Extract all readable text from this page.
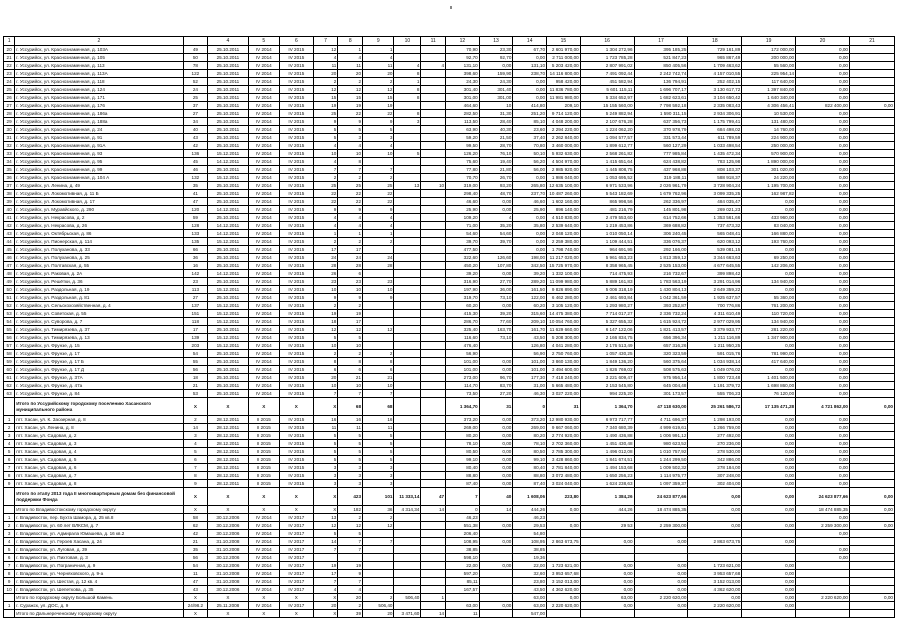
1	2		4	5	6	7	8	9	10	11	12	13	14	15	16	17	18	19	20	21
20	г. Уссурийск, ул. Краснознаменная, д. 103А	49	25.10.2011	IV 2014	IV 2015	12	1	1			70,90	23,30	67,70	2 601 970,00	1 304 272,96	395 185,25	729 161,89	172 000,00	0,00	
21	г. Уссурийск, ул. Краснознаменная, д. 105	50	25.10.2011	IV 2014	IV 2015	4	4	4			92,70	92,70	0,00	2 711 000,00	1 723 785,28	521 847,23	965 867,49	200 000,00	0,00	
22	г. Уссурийск, ул. Краснознаменная, д. 113	78	25.10.2011	IV 2014	IV 2015	11	11	11	4	4	131,10	0,00	131,10	5 203 420,00	2 807 991,02	850 405,56	1 709 463,62	55 560,00	0,00	
23	г. Уссурийск, ул. Краснознаменная, д. 113А	122	25.10.2011	IV 2014	IV 2015	20	20	20	8		398,60	159,90	238,70	14 116 800,00	7 491 092,44	2 242 742,74	4 157 010,55	225 954,14	0,00	
24	г. Уссурийск, ул. Краснознаменная, д. 118	52	25.10.2011	IV 2014	IV 2015	2	2	2	1		24,30	24,30	0,00	958 420,00	451 582,94	136 794,91	252 402,15	117 640,00	0,00	
25	г. Уссурийск, ул. Краснознаменная, д. 124	24	25.10.2011	IV 2014	IV 2015	12	12	12	8		301,40	301,40	0,00	11 836 780,00	5 601 115,11	1 696 707,17	3 130 617,72	1 397 840,00	0,00	
26	г. Уссурийск, ул. Краснознаменная, д. 171	25	25.10.2011	IV 2014	IV 2015	15	15	15	8		301,00	301,00	0,00	11 981 980,00	5 334 652,97	1 682 623,61	3 104 650,42	1 640 340,00	0,00	
27	г. Уссурийск, ул. Краснознаменная, д. 176	37	25.10.2011	IV 2014	IV 2015	19	19	19			464,60	10	414,80	209,10	15 155 560,00	7 798 592,18	2 335 083,43	4 306 456,41	822 400,00	0,00
28	г. Уссурийск, ул. Краснознаменная, д. 186а	27	25.10.2011	IV 2014	IV 2015	25	22	22	8		282,50	31,30	251,20	9 714 120,00	5 249 882,94	1 590 311,15	2 934 306,91	10 530,00	0,00	
29	г. Уссурийск, ул. Краснознаменная, д. 188а	34	25.10.2011	IV 2014	IV 2015	9	9	9	3		113,50	28,40	85,10	4 048 200,00	2 107 676,28	637 356,73	1 175 799,41	131 480,00	0,00	
30	г. Уссурийск, ул. Краснознаменная, д. 24	40	25.10.2011	IV 2014	IV 2015	5	5	5			63,90	40,30	23,60	2 294 220,00	1 224 062,20	370 978,79	684 498,02	14 760,00	0,00	
31	г. Уссурийск, ул. Краснознаменная, д. 91	43	25.10.2011	IV 2014	IV 2015	5	3	3			59,20	21,50	37,40	2 262 840,00	1 094 577,57	331 573,44	611 789,59	224 900,00	0,00	
32	г. Уссурийск, ул. Краснознаменная, д. 91А	42	25.10.2011	IV 2014	IV 2015	4	4	4			99,50	28,70	70,80	3 460 000,00	1 899 612,77	560 127,29	1 033 498,54	250 000,00	0,00	
33	г. Уссурийск, ул. Краснознаменная, д. 93	136	15.12.2011	IV 2014	IV 2015	10	10	10	5		126,20	76,10	50,10	5 932 630,00	2 568 261,82	777 985,84	1 435 472,34	570 900,00	0,00	
34	г. Уссурийск, ул. Краснознаменная, д. 95	45	14.12.2011	IV 2014	IV 2015	4	8				75,60	19,40	56,20	4 504 970,00	1 415 651,64	624 438,82	783 125,98	1 890 000,00	0,00	
35	г. Уссурийск, ул. Краснознаменная, д. 99	46	25.10.2011	IV 2014	IV 2015	7	7	7			77,80	21,80	56,00	2 985 920,00	1 445 808,75	437 968,88	808 103,37	301 020,00	0,00	
36	г. Уссурийск, ул. Краснознаменная, д. 104 А	132	15.12.2011	IV 2014	IV 2015	2	2	2			70,70	26,70	0,00	1 986 040,00	1 053 695,52	319 188,11	588 918,37	24 220,00	0,00	
37	г. Уссурийск, ул. Ленина, д. 49	35	25.10.2011	IV 2014	IV 2015	25	25	25	13	10	319,00	93,20	265,80	12 635 100,00	6 971 533,96	2 026 961,79	3 728 904,24	1 195 700,00	0,00	
38	г. Уссурийск, ул. Локомотивная, д. 11 Б	41	25.10.2011	IV 2014	IV 2015	22	22	22			298,40	48,70	237,70	10 487 260,00	5 543 182,69	1 679 762,96	3 099 335,25	162 987,82	0,00	
39	г. Уссурийск, ул. Локомотивная, д. 17	47	25.10.2011	IV 2014	IV 2015	22	22	22			46,60	0,00	46,60	1 602 160,00	865 998,56	262 336,97	484 035,47	0,00	0,00	
40	г. Уссурийск, ул. Муравйского, д. 290	120	14.12.2011	IV 2014	IV 2015	9	9	9			25,90	0,00	25,90	896 140,00	481 216,79	145 801,98	269 021,23	0,00	0,00	
41	г. Уссурийск, ул. Некрасова, д. 2	59	25.10.2011	IV 2014	IV 2015	4	4	4			109,20	4	0,00	4 510 830,00	2 479 553,60	614 752,66	1 353 561,66	433 960,00	0,00	
42	г. Уссурийск, ул. Некрасова, д. 26	128	14.12.2011	IV 2014	IV 2015	4	4	4			71,00	35,20	35,80	2 539 640,00	1 219 453,86	369 688,82	737 473,32	83 040,00	0,00	
43	г. Уссурийск, ул. Октябрьская, д. 86	133	14.12.2011	IV 2014	IV 2015	1	1	1			54,60	54,60	0,00	2 048 120,00	1 010 050,14	306 240,45	565 048,41	166 880,00	0,00	
44	г. Уссурийск, ул. Пионерская, д. 114	135	15.12.2011	IV 2014	IV 2015	2	2	2			39,70	39,70	0,00	2 259 380,00	1 109 444,51	336 076,37	620 093,12	193 760,00	0,00	
45	г. Уссурийск, ул. Полуханова, д. 33	66	25.10.2011	IV 2014	IV 2015	17	17				477,50		0,00	1 798 740,00	964 691,95	292 166,00	539 081,15	0,00	0,00	
46	г. Уссурийск, ул. Полуханова, д. 25	36	25.10.2011	IV 2014	IV 2015	24	24	24			322,60	126,60	198,00	11 217 020,00	5 961 653,23	1 813 359,12	3 344 663,63	69 250,00	0,00	
47	г. Уссурийск, ул. Полтавская, д. 55	16	25.10.2011	IV 2014	IV 2015	28	28	28			450,20	107,80	342,50	15 725 970,00	8 358 965,45	2 525 153,00	4 677 645,55	142 206,00	0,00	
48	г. Уссурийск, ул. Раковая, д. 2А	142	14.12.2011	IV 2014	IV 2015	26	6				39,20	0,00	39,20	1 332 100,00	714 475,93	216 732,67	399 898,42	0,00	0,00	
49	г. Уссурийск, ул. Решётки, д. 36	23	25.10.2011	IV 2014	IV 2015	23	23	23			316,90	27,70	289,20	11 099 980,00	5 889 161,83	1 783 563,19	3 291 014,96	134 940,00	0,00	
50	г. Уссурийск, ул. Раздольная, д. 19	113	15.12.2011	IV 2014	IV 2015	10	10	10			197,90	36,00	161,50	9 826 890,00	5 006 318,19	1 430 804,13	2 649 359,22	0,00	0,00	
51	г. Уссурийск, ул. Раздольная, д. 81	27	25.10.2011	IV 2014	IV 2015	9	9	9			319,70	73,10	122,00	6 462 280,00	2 461 693,84	1 042 361,59	1 925 637,57	55 360,00	0,00	
52	г. Уссурийск, ул. Сельскохозяйственная, д. 4	137	15.12.2011	IV 2014	IV 2015	2	2				60,20	0,00	60,20	3 105 120,00	1 293 980,27	393 252,87	700 776,86	761 200,00	0,00	
53	г. Уссурийск, ул. Советская, д. 55	151	15.12.2011	IV 2014	IV 2015	19	19				415,30	39,20	315,60	14 475 380,00	7 714 017,27	2 336 732,24	4 311 610,49	110 720,00	0,00	
54	г. Уссурийск, ул. Суворова, д. 7	118	15.12.2011	IV 2014	IV 2015	18	17				286,70	77,60	209,10	10 054 760,00	5 327 655,32	1 615 924,72	2 977 029,95	134 940,00	0,00	
55	г. Уссурийск, ул. Тимирязева, д. 37	17	25.10.2011	IV 2014	IV 2015	12	12	12			325,40	163,70	161,70	11 629 660,00	6 147 122,06	1 821 413,57	3 379 933,77	281 220,00	0,00	
56	г. Уссурийск, ул. Тимирязева, д. 13	139	15.12.2011	IV 2014	IV 2015	5	5				116,60	73,10	43,50	5 208 300,00	2 166 834,75	656 396,34	1 211 116,89	1 347 900,00	0,00	
57	г. Уссурийск, ул. Фрунзе, д. 15	203	15.12.2011	IV 2014	IV 2015	10	10				476,40		126,80	4 041 280,00	2 176 513,49	657 316,26	1 211 950,25	0,00	0,00	
58	г. Уссурийск, ул. Фрунзе, д. 17	54	25.10.2011	IV 2014	IV 2015	2	2	2			56,90		56,90	2 750 760,00	1 057 430,25	320 323,59	591 015,76	781 990,00	0,00	
59	г. Уссурийск, ул. Фрунзе, д. 17 Б	55	25.10.2011	IV 2014	IV 2015	8	8	8			101,00	0,00	101,00	3 860 130,00	1 849 136,20	560 375,64	1 034 938,14	417 640,00	0,00	
60	г. Уссурийск, ул. Фрунзе, д. 17 Д	56	25.10.2011	IV 2014	IV 2015	6	6	6			101,00	0,00	101,00	3 494 600,00	1 826 769,02	508 575,63	1 049 076,02	0,00	0,00	
61	г. Уссурийск, ул. Фрунзе, д. 37А	18	25.10.2011	IV 2014	IV 2015	20	21	21			273,00	96,70	177,30	7 418 240,00	3 221 609,47	975 956,14	1 800 723,48	1 401 500,00	0,00	
62	г. Уссурийск, ул. Фрунзе, д. 47а	21	25.10.2011	IV 2014	IV 2015	10	10	10			114,70	83,70	31,00	5 665 480,00	2 153 545,80	645 004,48	1 191 379,72	1 698 860,00	0,00	
63	г. Уссурийск, ул. Фрунзе, д. 84	53	25.10.2011	IV 2014	IV 2015	7	7	7			73,50	27,20	46,30	3 027 220,00	994 225,20	301 173,57	555 706,23	76 120,00	0,00	
	Итого по Уссурийскому городскому поселению Хасанского муниципального района	X	X	X	X	X	68	68			1 364,70	31	0	31	1 364,70	47 118 630,00	25 261 586,72	17 135 471,28	4 721 862,00	0,00
1	пгт. Хасан, ул. К. Заозерная, д. 8	2	28.12.2011	II 2015	IV 2015	16	16	16			373,20	0,00	373,20	12 980 930,00	6 973 717,77	4 711 696,37	1 298 193,00	0,00	0,00	
2	пгт. Хасан, ул. Ленина, д. 8	14	28.12.2011	II 2015	IV 2015	11	11	11			269,00	0,00	269,00	9 667 060,00	7 340 680,39	4 999 619,61	1 266 759,00	0,00	0,00	
3	пгт. Хасан, ул. Садовая, д. 2	3	28.12.2011	II 2015	IV 2015	5	5	5			80,20	0,00	80,20	2 774 920,00	1 490 436,88	1 006 991,12	277 492,00	0,00	0,00	
4	пгт. Хасан, ул. Садовая, д. 3	4	28.12.2011	II 2015	IV 2015	5	5	5			78,10	0,00	78,10	2 702 360,00	1 451 430,48	980 623,52	270 236,00	0,00	0,00	
5	пгт. Хасан, ул. Садовая, д. 4	5	28.12.2011	II 2015	IV 2015	5	5	5			80,50	0,00	80,50	2 785 300,00	1 496 012,08	1 010 757,92	278 530,00	0,00	0,00	
6	пгт. Хасан, ул. Садовая, д. 5	6	28.12.2011	II 2015	IV 2015	5	5	5			99,10	0,00	99,10	3 428 860,00	1 841 674,51	1 244 299,50	342 886,00	0,00	0,00	
7	пгт. Хасан, ул. Садовая, д. 6	7	28.12.2011	II 2015	IV 2015	3	3	3			80,40	0,00	80,40	2 781 840,00	1 494 153,68	1 009 502,32	278 184,00	0,00	0,00	
8	пгт. Хасан, ул. Садовая, д. 7	8	28.12.2011	II 2015	IV 2015	3	3	3			88,80	0,00	88,80	3 072 480,00	1 650 256,23	1 114 975,77	307 248,00	0,00	0,00	
9	пгт. Хасан, ул. Садовая, д. 8	9	28.12.2011	II 2015	IV 2015	3	3	3			87,40	0,00	87,40	3 024 040,00	1 624 238,63	1 097 359,37	302 404,00	0,00	0,00	
	Итого по этапу 2013 года II многоквартирным домам без финансовой поддержки Фонда	X	X	X	X	X	423	101	11 333,14	47	7	40	1 608,06	223,80	1 384,26	24 623 877,66	0,00	0,00	24 623 877,66	0,00
	Итого по Владивостокскому городскому округу	X	X	X	X	X	182	36	4 314,34	14	0	14	444,26	0,00	444,26	18 474 885,35	0,00	0,00	18 474 885,35	0,00
1	г. Владивосток, пер. Бухта Шамора, д. 25 кв.8	58	30.12.2006	IV 2014	IV 2017	13	2	2			46,23		46,23						0,00	
2	г. Владивосток, ул. 60 лет ВЛКСМ, д. 7	62	30.12.2006	IV 2014	IV 2017	12	12	12			551,38	0,00	29,53	0,00	29 53	2 259 300,00	0,00	0,00	2 259 300,00	0,00
3	г. Владивосток, ул. Адмирала Юмашева, д. 16 кв.2	42	30.12.2006	IV 2014	IV 2017	5	5				206,40		54,80						0,00	
4	г. Владивосток, ул. Героев Хасана, д. 24	21	31.10.2008	IV 2014	IV 2017	14	7	7			108,95	0,00	108,95	2 863 673,75	0,00	0,00	2 863 673,75	0,00		
5	г. Владивосток, ул. Луговая, д. 39	35	31.10.2008	IV 2014	IV 2017	7	7				38,85		38,85						0,00	
6	г. Владивосток, ул. Пихтовая, д. 3	56	30.12.2006	IV 2014	IV 2017						598,10		19,36						0,00	
7	г. Владивосток, ул. Пограничная, д. 9	54	30.12.2006	IV 2014	IV 2017	19	19				22,00	0,00	22,00	1 723 621,00	0,00	0,00	1 723 621,00	0,00		
8	г. Владивосток, ул. Черняховского, д. 9-а	11	31.10.2008	IV 2014	IV 2017	17	9				597,20		32,60	3 953 657,68	0,00	0,00	3 953 657,68	0,00		
9	г. Владивосток, ул. Шестая, д. 12 кв. 4	47	31.10.2008	IV 2014	IV 2017	7	7				85,11		23,80	3 152 013,00	0,00	0,00	3 152 013,00	0,00		
10	г. Владивосток, ул. Шепеткова, д. 35	43	30.12.2006	IV 2014	IV 2017	4	4				167,57		43,50	4 362 620,00	0,00	0,00	4 362 620,00	0,00		
	Итого по городскому округу Большой Камень	X	X	X	X	X	20	2	506,40	1			63,00	0,00	63,00	2 220 620,00	0,00	0,00	2 220 620,00	0,00
1	г. Суражск, ул. ДОС, д. 9	24/98.2	25.11.2008	IV 2014	IV 2017	20	2	506,40			63,00	0,00	63,00	2 220 620,00	0,00	0,00	2 220 620,00	0,00		
	Итого по Дальнереченскому городскому округу	X	X	X	X	X	39	20	3 471,60	14	11		547,00							
